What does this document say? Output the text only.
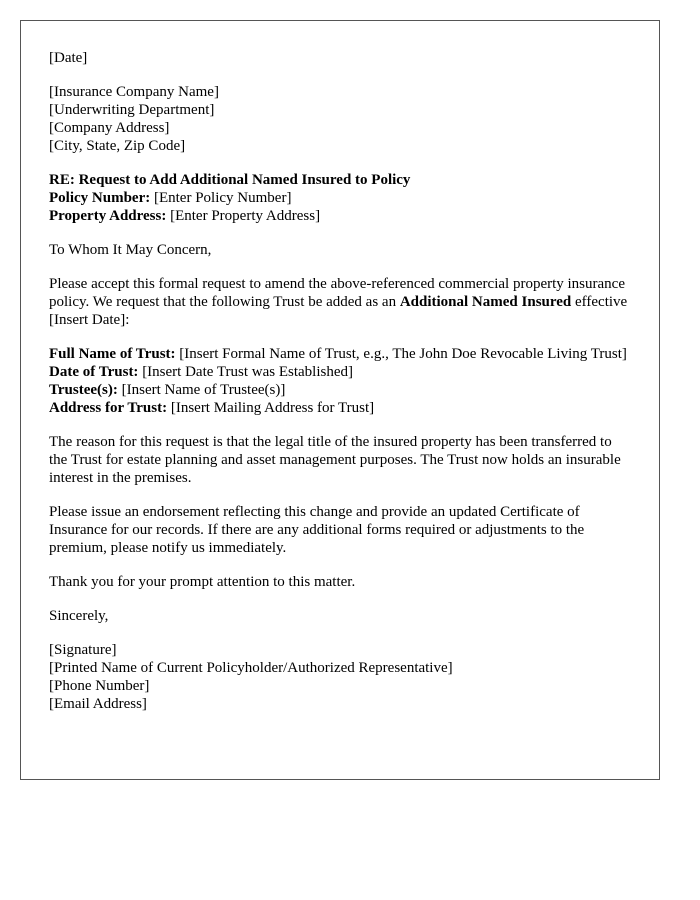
[Date]
[Insurance Company Name]
[Underwriting Department]
[Company Address]
[City, State, Zip Code]
RE: Request to Add Additional Named Insured to Policy
Policy Number: [Enter Policy Number]
Property Address: [Enter Property Address]
To Whom It May Concern,
Please accept this formal request to amend the above-referenced commercial property insurance policy. We request that the following Trust be added as an Additional Named Insured effective [Insert Date]:
Full Name of Trust: [Insert Formal Name of Trust, e.g., The John Doe Revocable Living Trust]
Date of Trust: [Insert Date Trust was Established]
Trustee(s): [Insert Name of Trustee(s)]
Address for Trust: [Insert Mailing Address for Trust]
The reason for this request is that the legal title of the insured property has been transferred to the Trust for estate planning and asset management purposes. The Trust now holds an insurable interest in the premises.
Please issue an endorsement reflecting this change and provide an updated Certificate of Insurance for our records. If there are any additional forms required or adjustments to the premium, please notify us immediately.
Thank you for your prompt attention to this matter.
Sincerely,
[Signature]
[Printed Name of Current Policyholder/Authorized Representative]
[Phone Number]
[Email Address]
